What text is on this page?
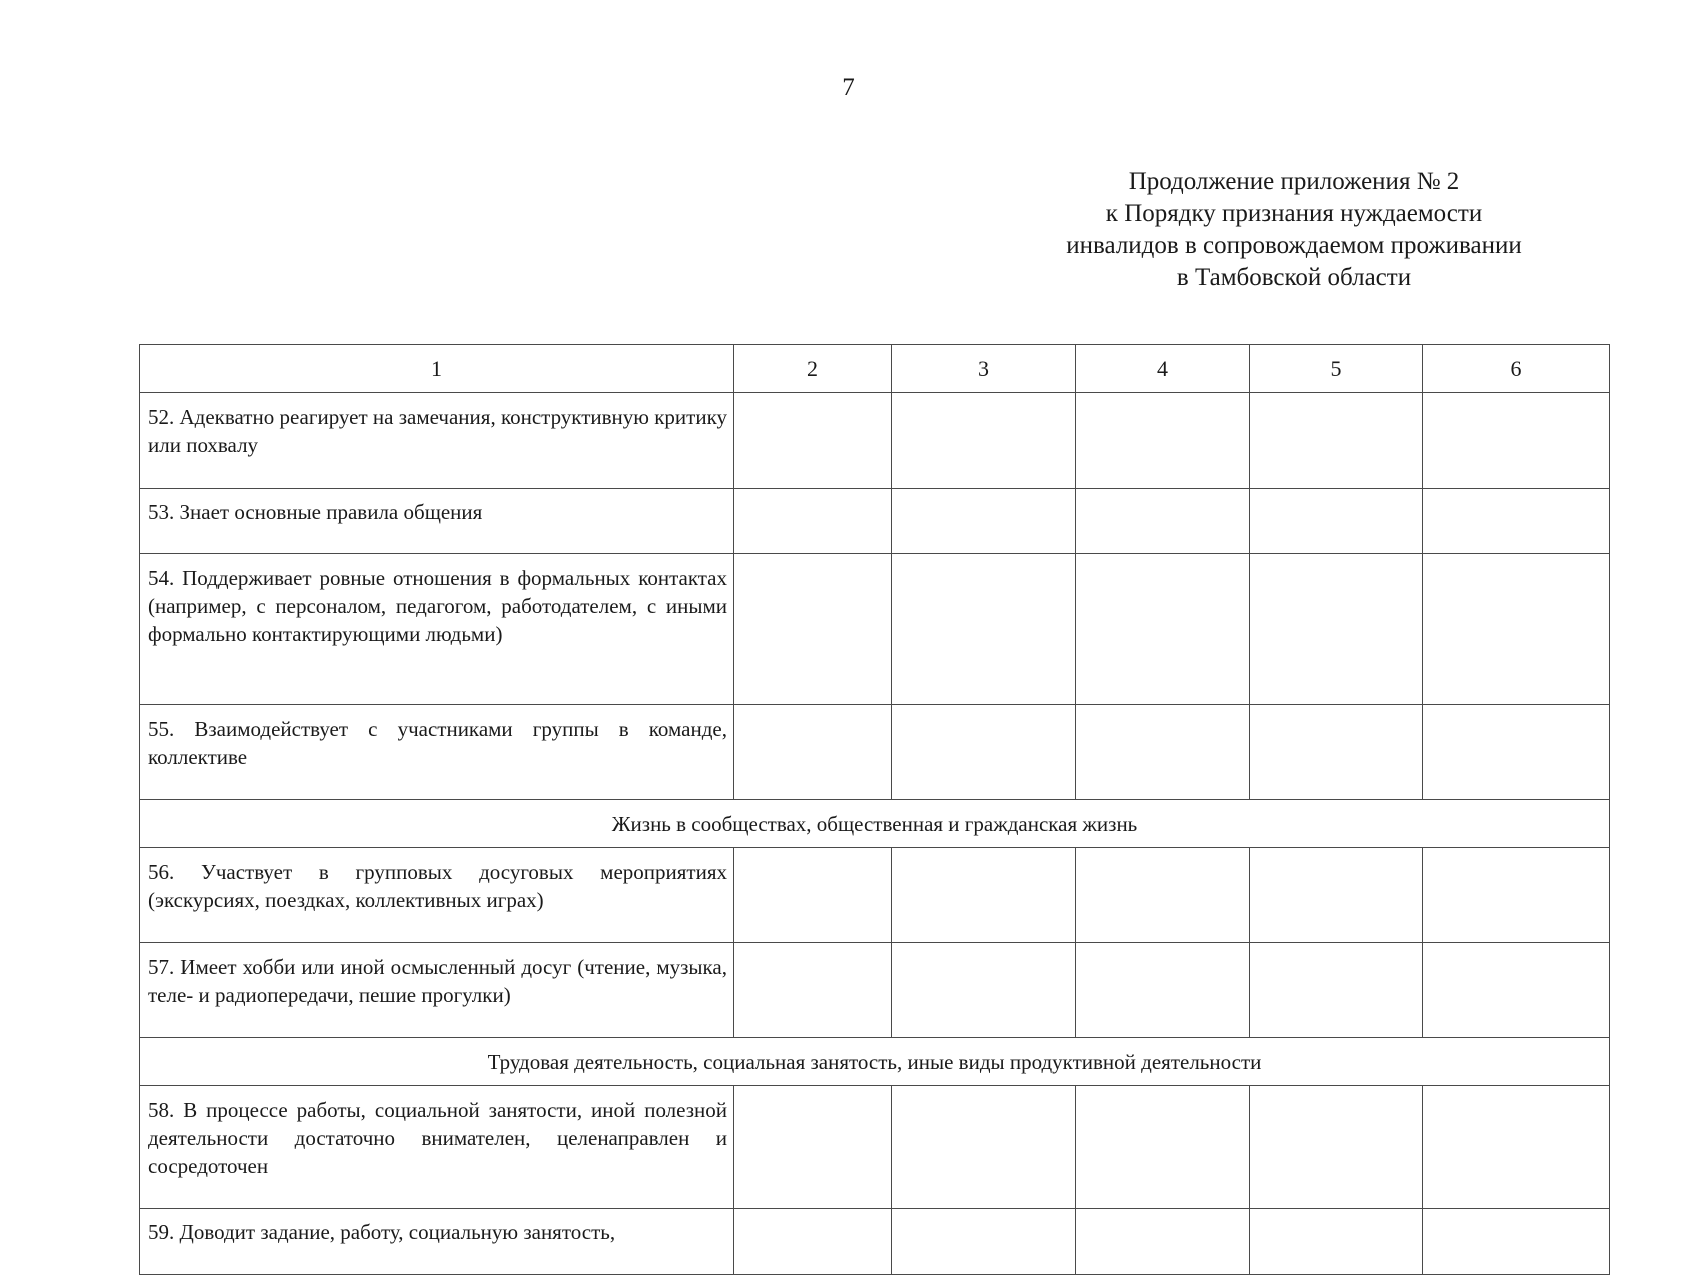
7
Продолжение приложения № 2
к Порядку признания нуждаемости
инвалидов в сопровождаемом проживании
в Тамбовской области
1	2	3	4	5	6
52. Адекватно реагирует на замечания, конструктивную критику или похвалу					
53. Знает основные правила общения					
54. Поддерживает ровные отношения в формальных контактах (например, с персоналом, педагогом, работодателем, с иными формально контактирующими людьми)					
55. Взаимодействует с участниками группы в команде, коллективе					
Жизнь в сообществах, общественная и гражданская жизнь					
56. Участвует в групповых досуговых мероприятиях (экскурсиях, поездках, коллективных играх)					
57. Имеет хобби или иной осмысленный досуг (чтение, музыка, теле- и радиопередачи, пешие прогулки)					
Трудовая деятельность, социальная занятость, иные виды продуктивной деятельности					
58. В процессе работы, социальной занятости, иной полезной деятельности достаточно внимателен, целенаправлен и сосредоточен					
59. Доводит задание, работу, социальную занятость,					
